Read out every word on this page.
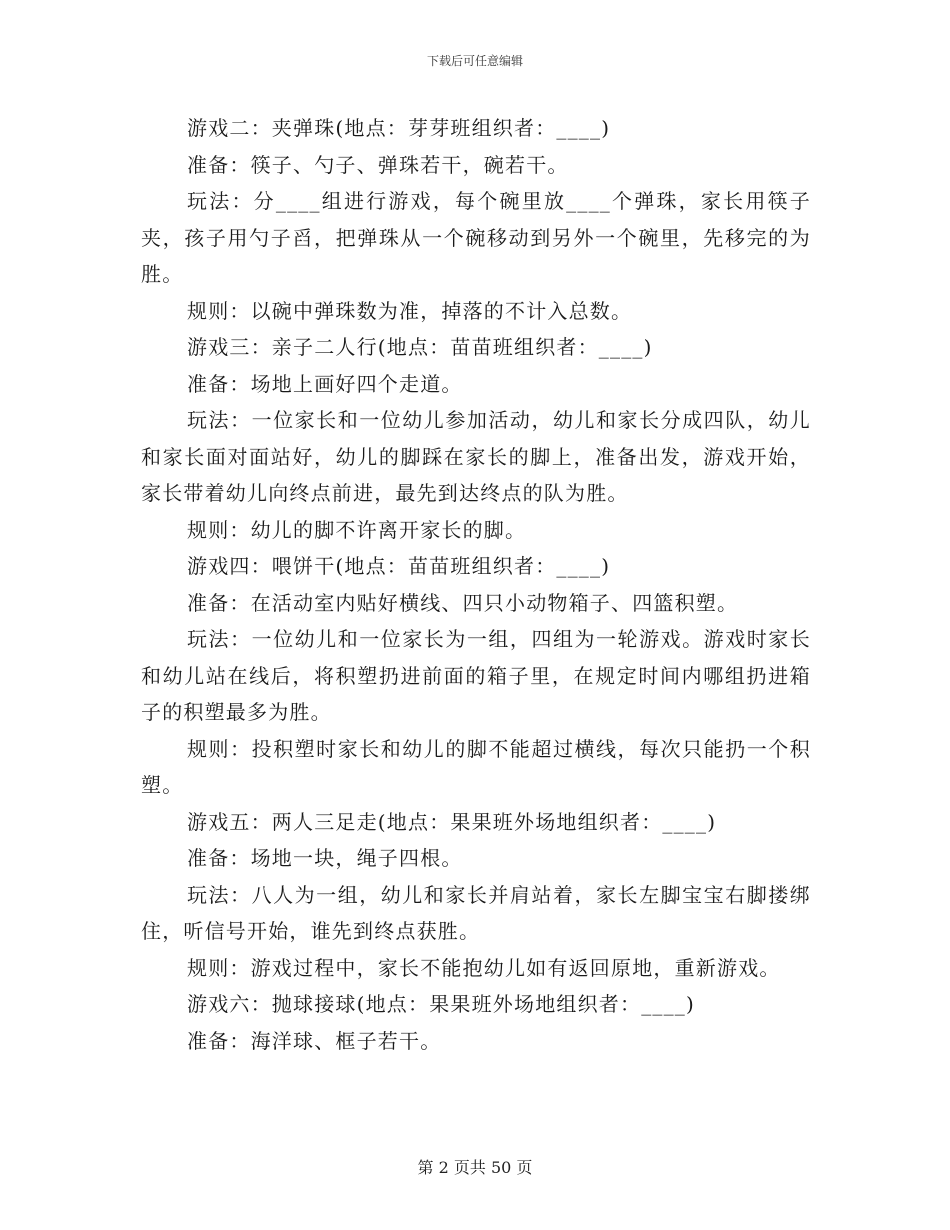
下载后可任意编辑

游戏二：夹弹珠(地点：芽芽班组织者：____)

准备：筷子、勺子、弹珠若干，碗若干。

玩法：分____组进行游戏，每个碗里放____个弹珠，家长用筷子夹，孩子用勺子舀，把弹珠从一个碗移动到另外一个碗里，先移完的为胜。

规则：以碗中弹珠数为准，掉落的不计入总数。

游戏三：亲子二人行(地点：苗苗班组织者：____)

准备：场地上画好四个走道。

玩法：一位家长和一位幼儿参加活动，幼儿和家长分成四队，幼儿和家长面对面站好，幼儿的脚踩在家长的脚上，准备出发，游戏开始，家长带着幼儿向终点前进，最先到达终点的队为胜。

规则：幼儿的脚不许离开家长的脚。

游戏四：喂饼干(地点：苗苗班组织者：____)

准备：在活动室内贴好横线、四只小动物箱子、四篮积塑。

玩法：一位幼儿和一位家长为一组，四组为一轮游戏。游戏时家长和幼儿站在线后，将积塑扔进前面的箱子里，在规定时间内哪组扔进箱子的积塑最多为胜。

规则：投积塑时家长和幼儿的脚不能超过横线，每次只能扔一个积塑。

游戏五：两人三足走(地点：果果班外场地组织者：____)

准备：场地一块，绳子四根。

玩法：八人为一组，幼儿和家长并肩站着，家长左脚宝宝右脚搂绑住，听信号开始，谁先到终点获胜。

规则：游戏过程中，家长不能抱幼儿如有返回原地，重新游戏。

游戏六：抛球接球(地点：果果班外场地组织者：____)

准备：海洋球、框子若干。

第 2 页共 50 页
